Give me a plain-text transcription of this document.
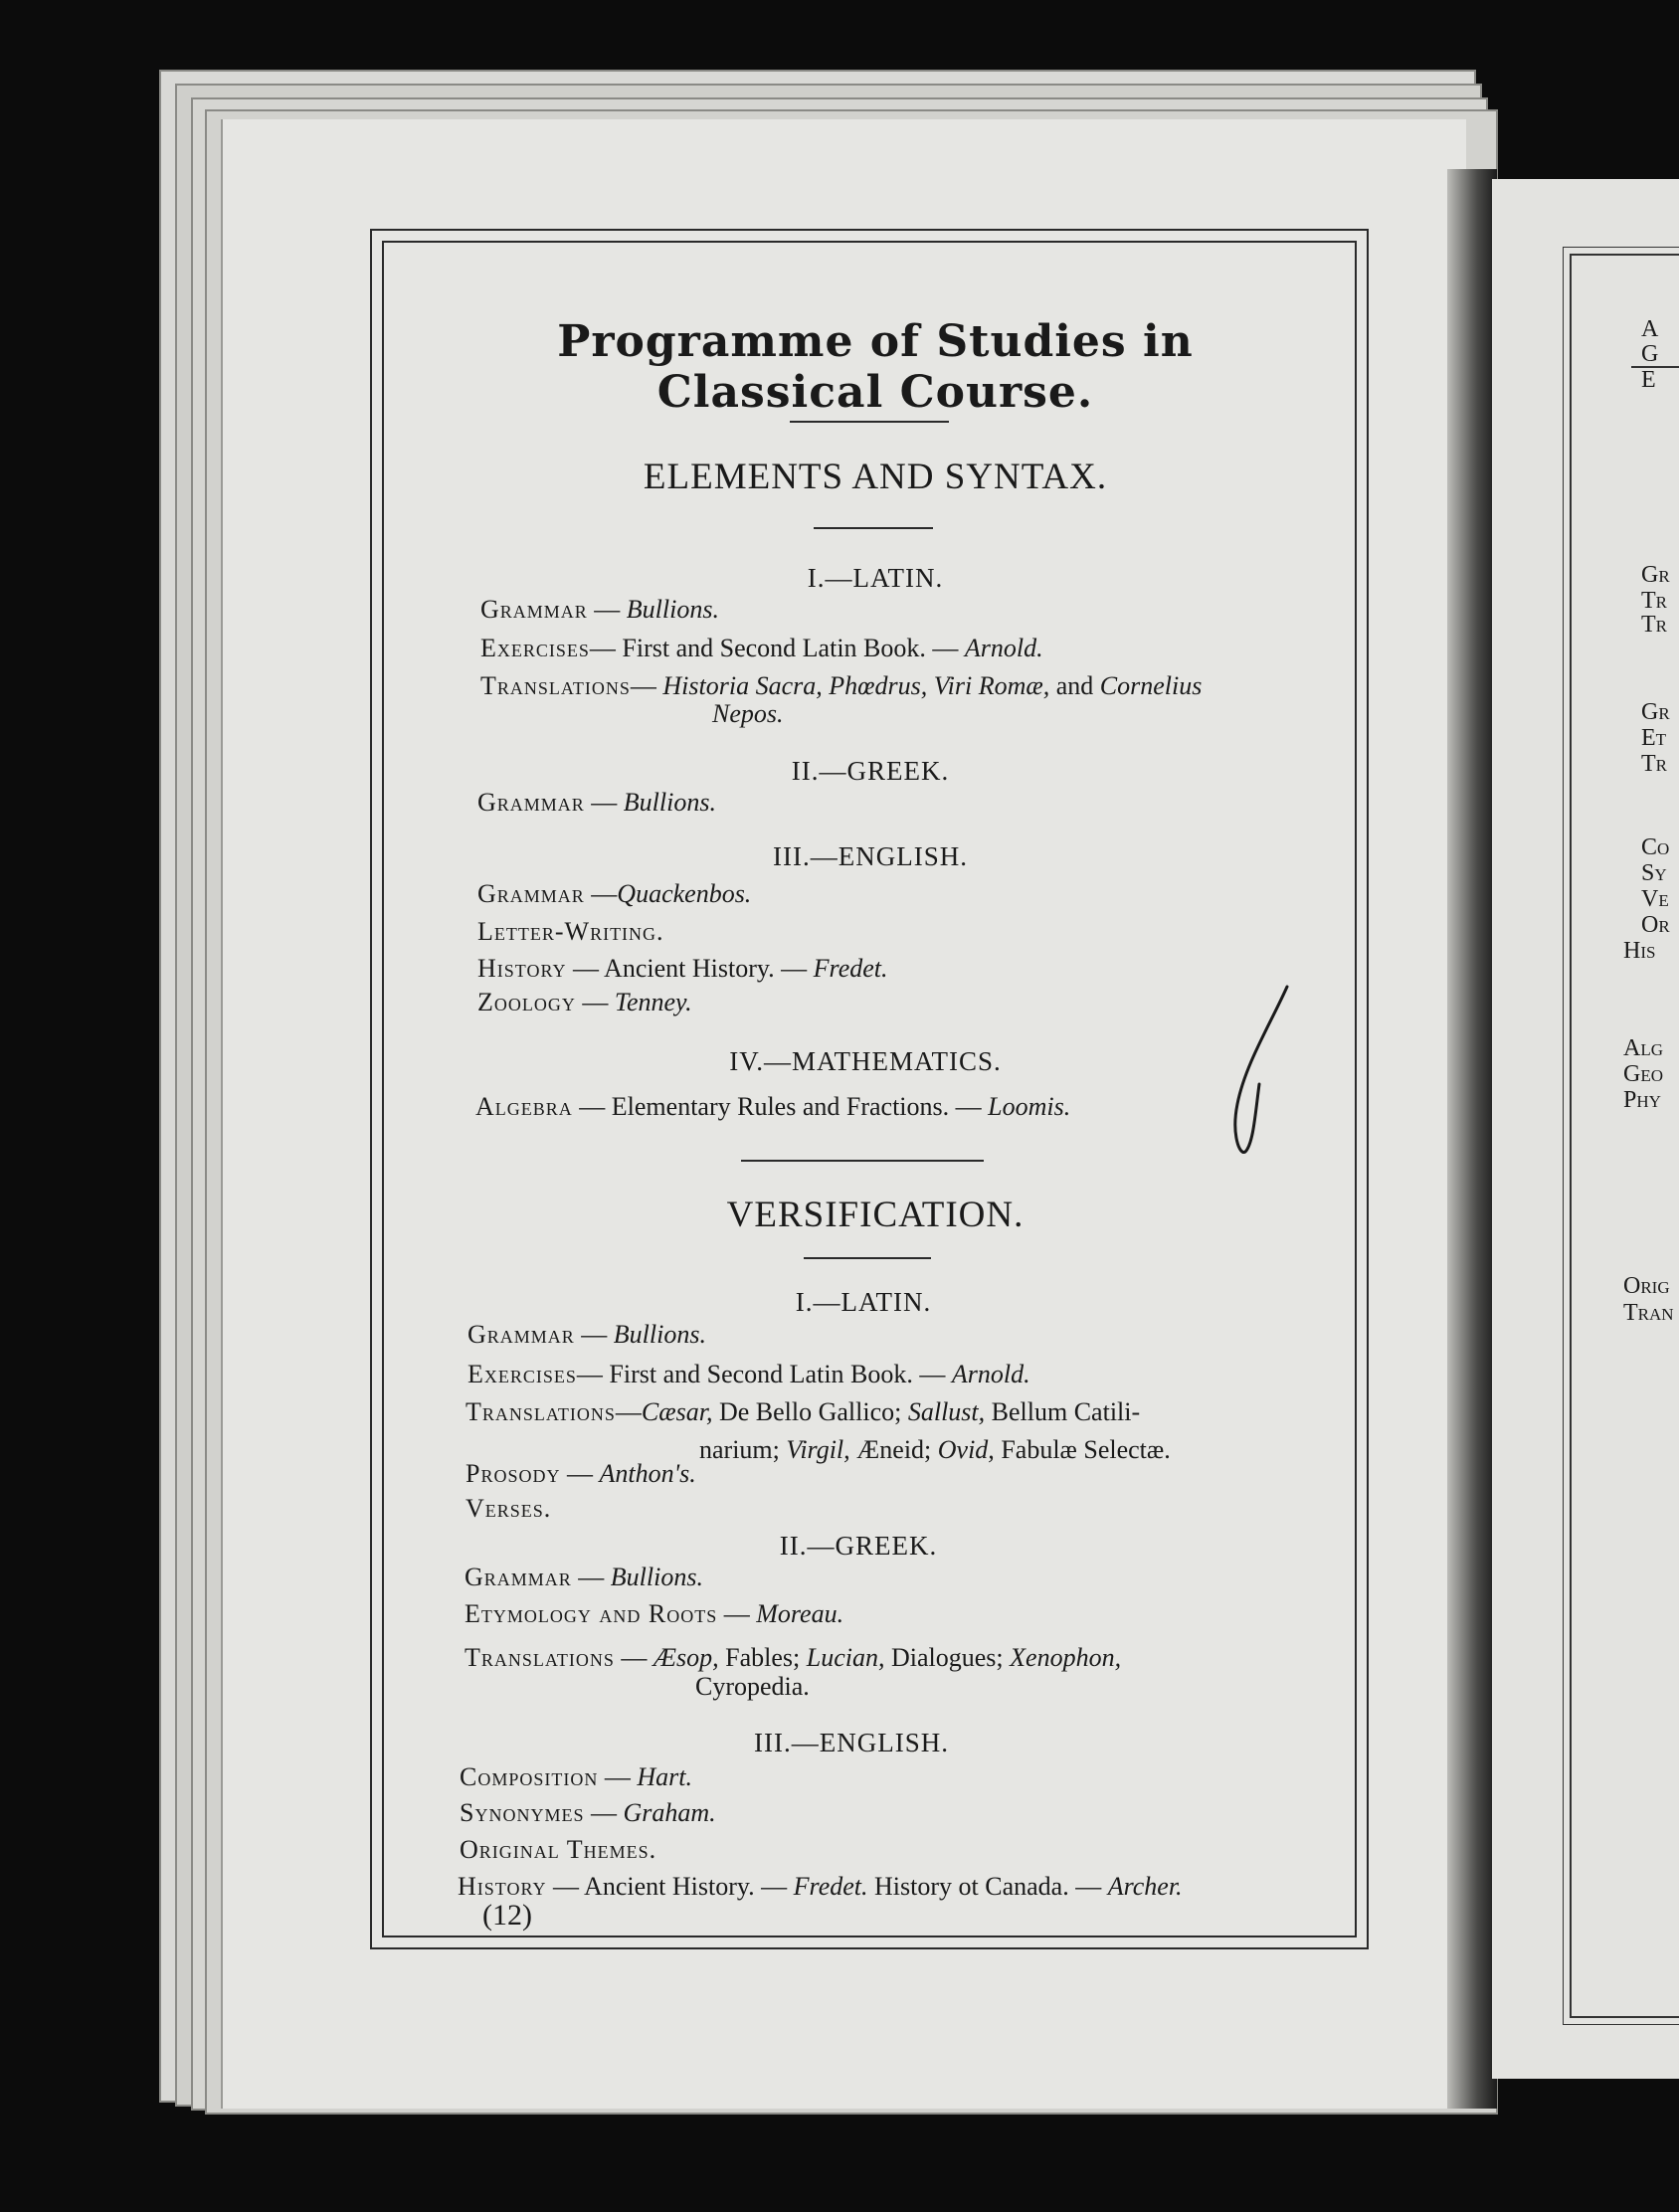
A
G
E
Gr
Tr
Tr
Gr
Et
Tr
Co
Sy
Ve
Or
His
Alg
Geo
Phy
Orig
Tran
Programme of Studies in Classical Course.
ELEMENTS AND SYNTAX.
I.—LATIN.
Grammar — Bullions.
Exercises— First and Second Latin Book. — Arnold.
Translations— Historia Sacra, Phœdrus, Viri Romæ, and Cornelius
Nepos.
II.—GREEK.
Grammar — Bullions.
III.—ENGLISH.
Grammar —Quackenbos.
Letter-Writing.
History — Ancient History. — Fredet.
Zoology — Tenney.
IV.—MATHEMATICS.
Algebra — Elementary Rules and Fractions. — Loomis.
VERSIFICATION.
I.—LATIN.
Grammar — Bullions.
Exercises— First and Second Latin Book. — Arnold.
Translations—Cæsar, De Bello Gallico; Sallust, Bellum Catili-
narium; Virgil, Æneid; Ovid, Fabulæ Selectæ.
Prosody — Anthon's.
Verses.
II.—GREEK.
Grammar — Bullions.
Etymology and Roots — Moreau.
Translations — Æsop, Fables; Lucian, Dialogues; Xenophon,
Cyropedia.
III.—ENGLISH.
Composition — Hart.
Synonymes — Graham.
Original Themes.
History — Ancient History. — Fredet. History ot Canada. — Archer.
(12)
